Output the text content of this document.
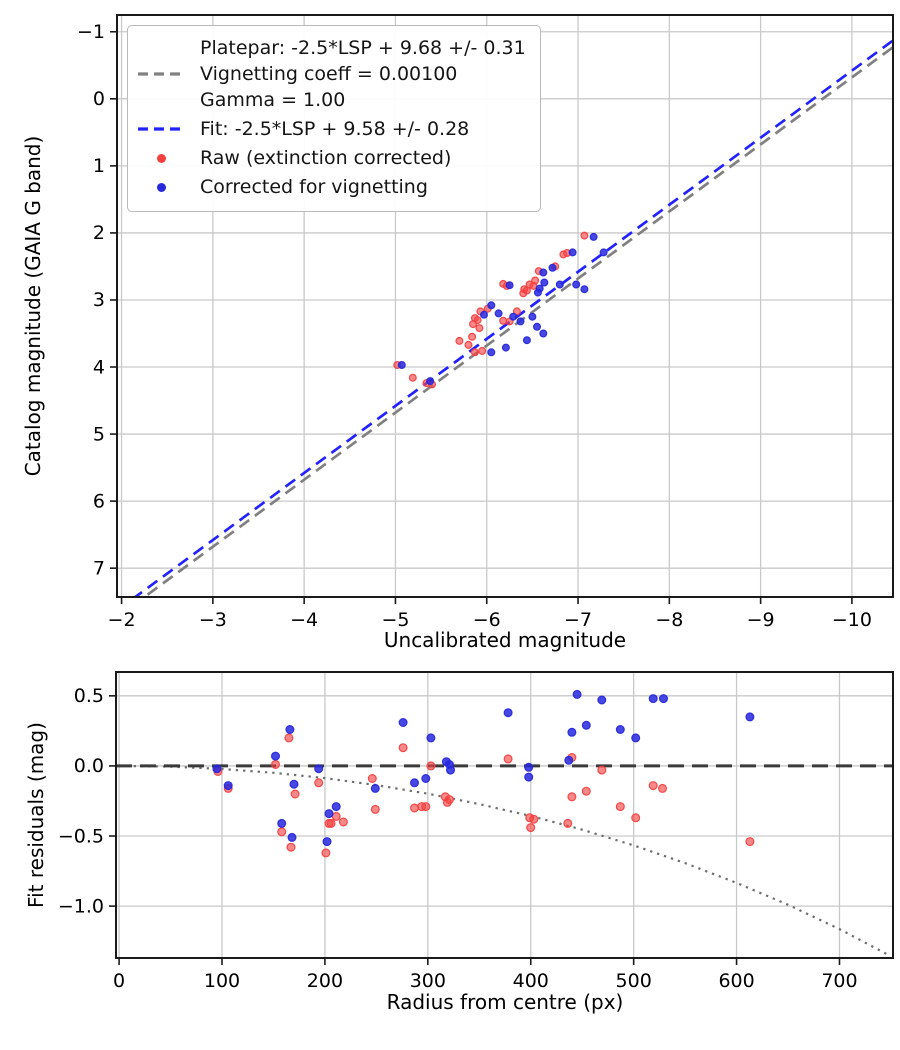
−2	−3	−4	−5	−6	−7	−8	−9	−10
−1
0
1
2
3
4
5
6
7
0	100	200	300	400	500	600	700
0.5
0.0
−0.5
−1.0
Platepar: -2.5*LSP + 9.68 +/- 0.31
Vignetting coeff = 0.00100
Gamma = 1.00
Fit: -2.5*LSP + 9.58 +/- 0.28
Raw (extinction corrected)
Corrected for vignetting
Uncalibrated magnitude
Catalog magnitude (GAIA G band)
Radius from centre (px)
Fit residuals (mag)
